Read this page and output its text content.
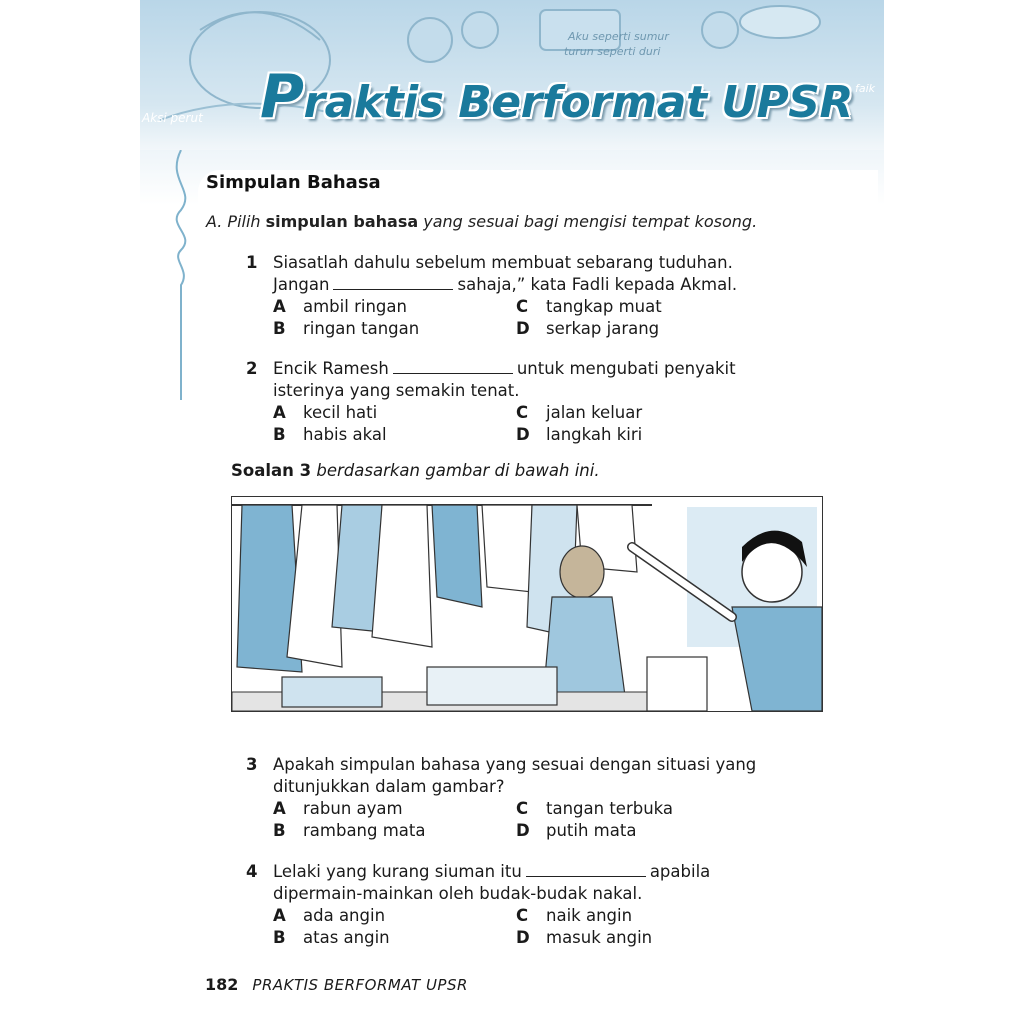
Aku seperti sumur
turun seperti duri
Aksi perut
faik
Praktis Berformat UPSR
Simpulan Bahasa
A. Pilih simpulan bahasa yang sesuai bagi mengisi tempat kosong.
1 Siasatlah dahulu sebelum membuat sebarang tuduhan.
Jangan	sahaja,” kata Fadli kepada Akmal.
A ambil ringan	C tangkap muat
B ringan tangan	D serkap jarang
2 Encik Ramesh	untuk mengubati penyakit
isterinya yang semakin tenat.
A kecil hati	C jalan keluar
B habis akal	D langkah kiri
Soalan 3 berdasarkan gambar di bawah ini.
3 Apakah simpulan bahasa yang sesuai dengan situasi yang
ditunjukkan dalam gambar?
A rabun ayam	C tangan terbuka
B rambang mata	D putih mata
4 Lelaki yang kurang siuman itu	apabila
dipermain-mainkan oleh budak-budak nakal.
A ada angin	C naik angin
B atas angin	D masuk angin
182 PRAKTIS BERFORMAT UPSR
